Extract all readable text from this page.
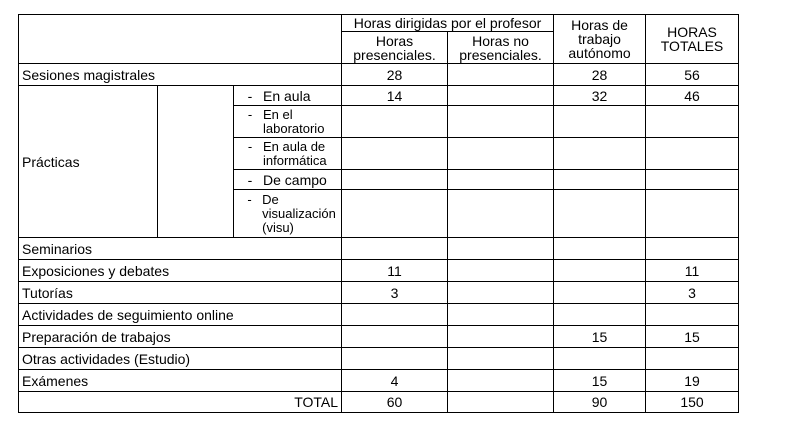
	Horas dirigidas por el profesor	Horas de trabajo autónomo	HORAS TOTALES
Horas presenciales.	Horas no presenciales.
Sesiones magistrales	28		28	56
Prácticas		- En aula	14		32	46

-	En el laboratorio

-	En aula de informática

- De campo				

-	De visualización (visu)

Seminarios				
Exposiciones y debates	11			11
Tutorías	3			3
Actividades de seguimiento online				
Preparación de trabajos			15	15
Otras actividades (Estudio)				
Exámenes	4		15	19
TOTAL	60		90	150
